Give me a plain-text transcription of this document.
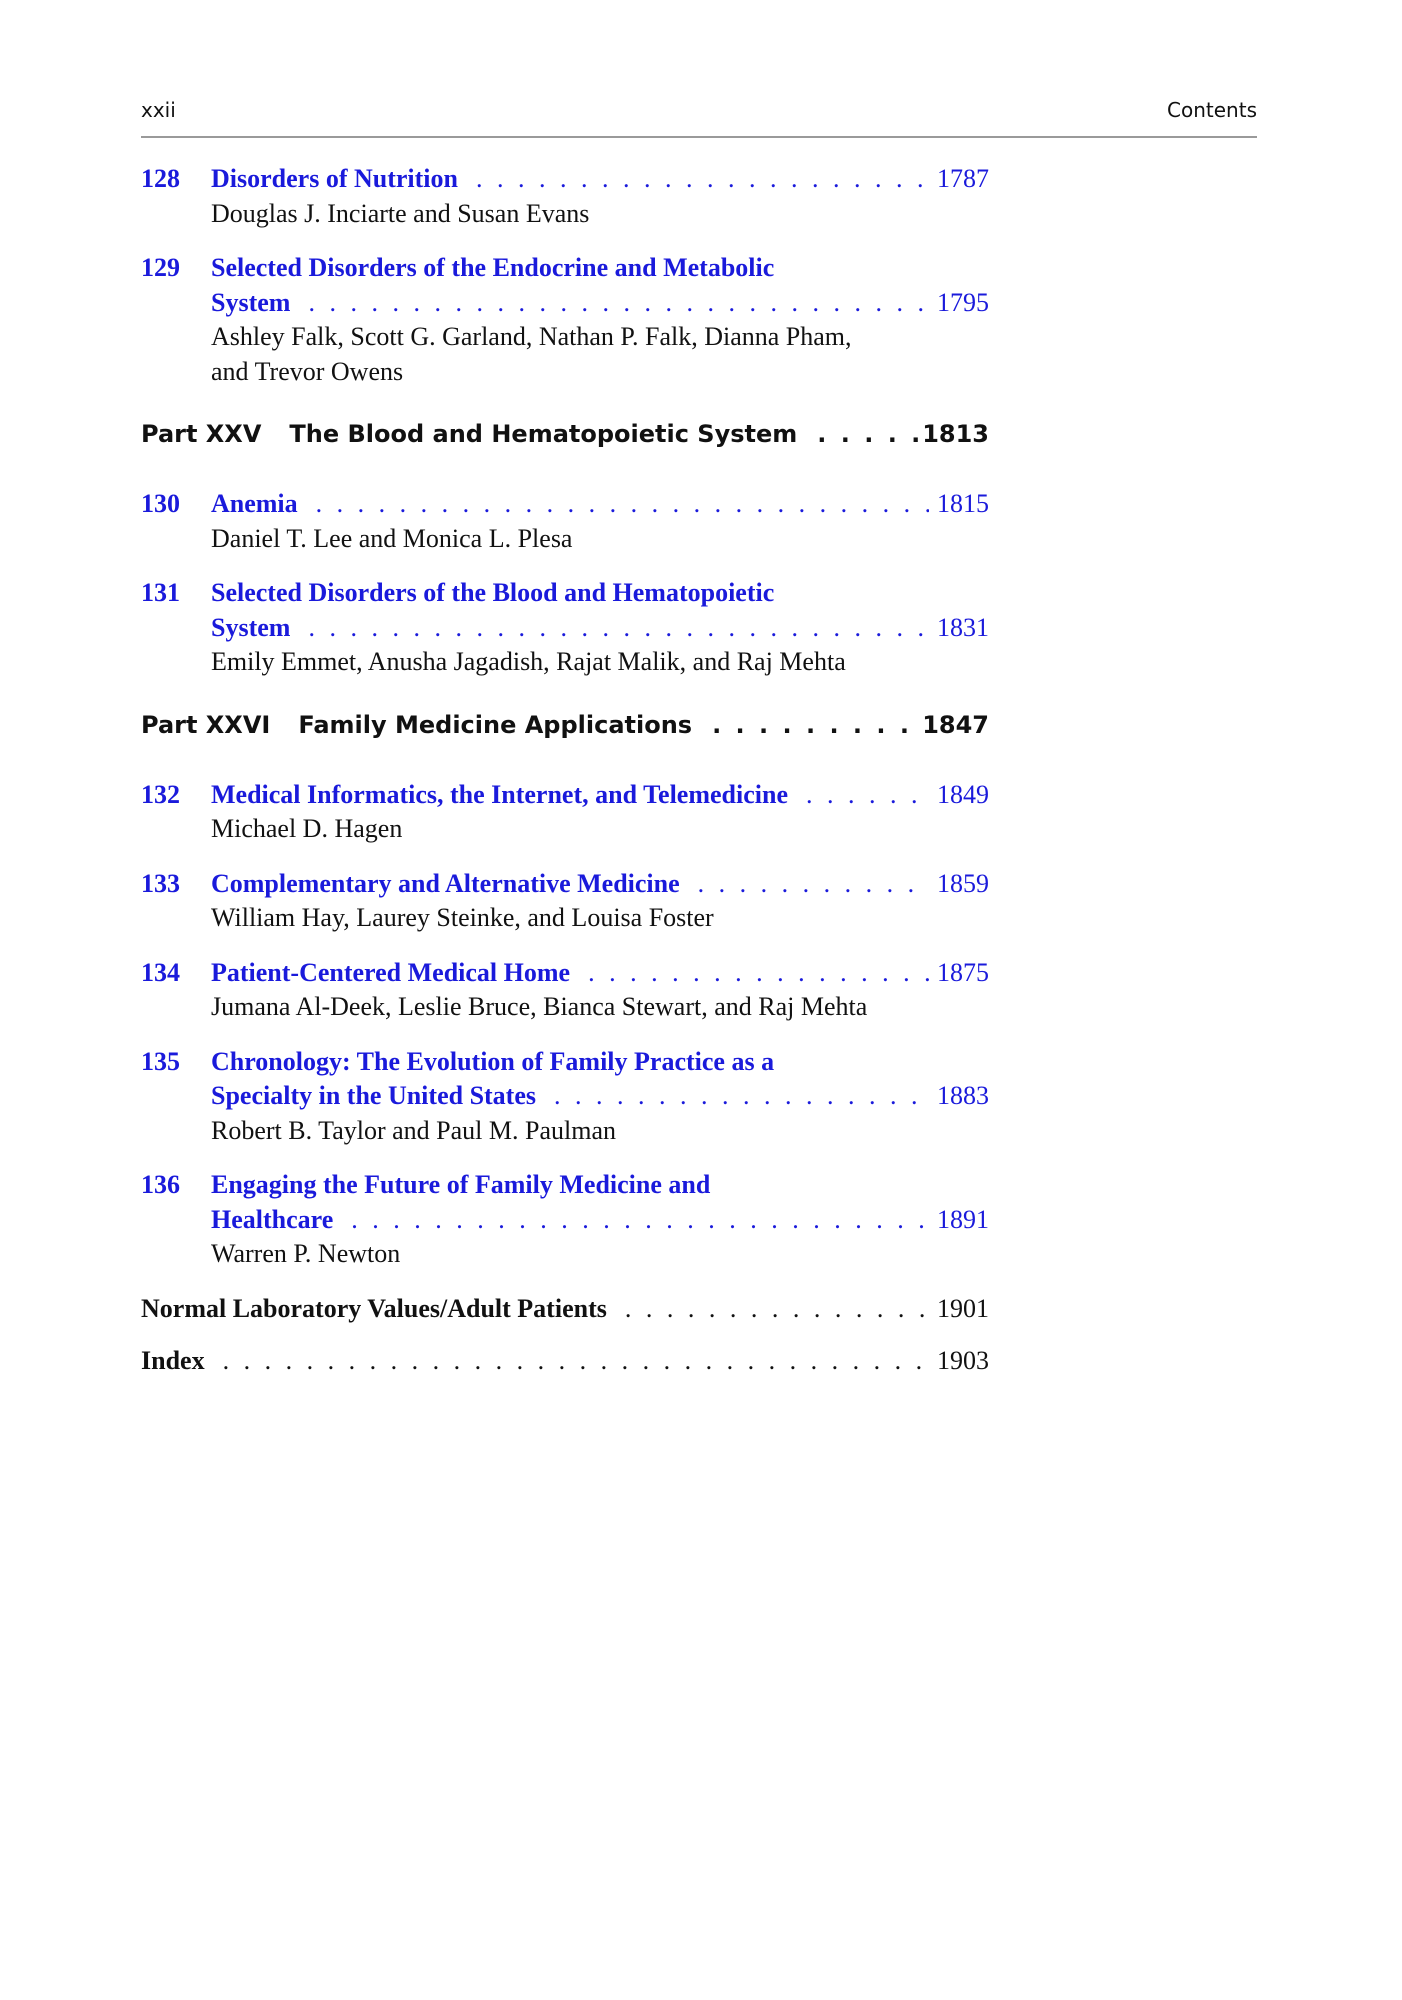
xxii	Contents
128	Disorders of Nutrition . . .	1787
Douglas J. Inciarte and Susan Evans
129	Selected Disorders of the Endocrine and Metabolic
System . . .	1795
Ashley Falk, Scott G. Garland, Nathan P. Falk, Dianna Pham,
and Trevor Owens
Part XXV The Blood and Hematopoietic System . . .	1813
130	Anemia . . .	1815
Daniel T. Lee and Monica L. Plesa
131	Selected Disorders of the Blood and Hematopoietic
System . . .	1831
Emily Emmet, Anusha Jagadish, Rajat Malik, and Raj Mehta
Part XXVI Family Medicine Applications . . .	1847
132	Medical Informatics, the Internet, and Telemedicine . . .	1849
Michael D. Hagen
133	Complementary and Alternative Medicine . . .	1859
William Hay, Laurey Steinke, and Louisa Foster
134	Patient-Centered Medical Home . . .	1875
Jumana Al-Deek, Leslie Bruce, Bianca Stewart, and Raj Mehta
135	Chronology: The Evolution of Family Practice as a
Specialty in the United States . . .	1883
Robert B. Taylor and Paul M. Paulman
136	Engaging the Future of Family Medicine and
Healthcare . . .	1891
Warren P. Newton
Normal Laboratory Values/Adult Patients . . .	1901
Index . . .	1903
